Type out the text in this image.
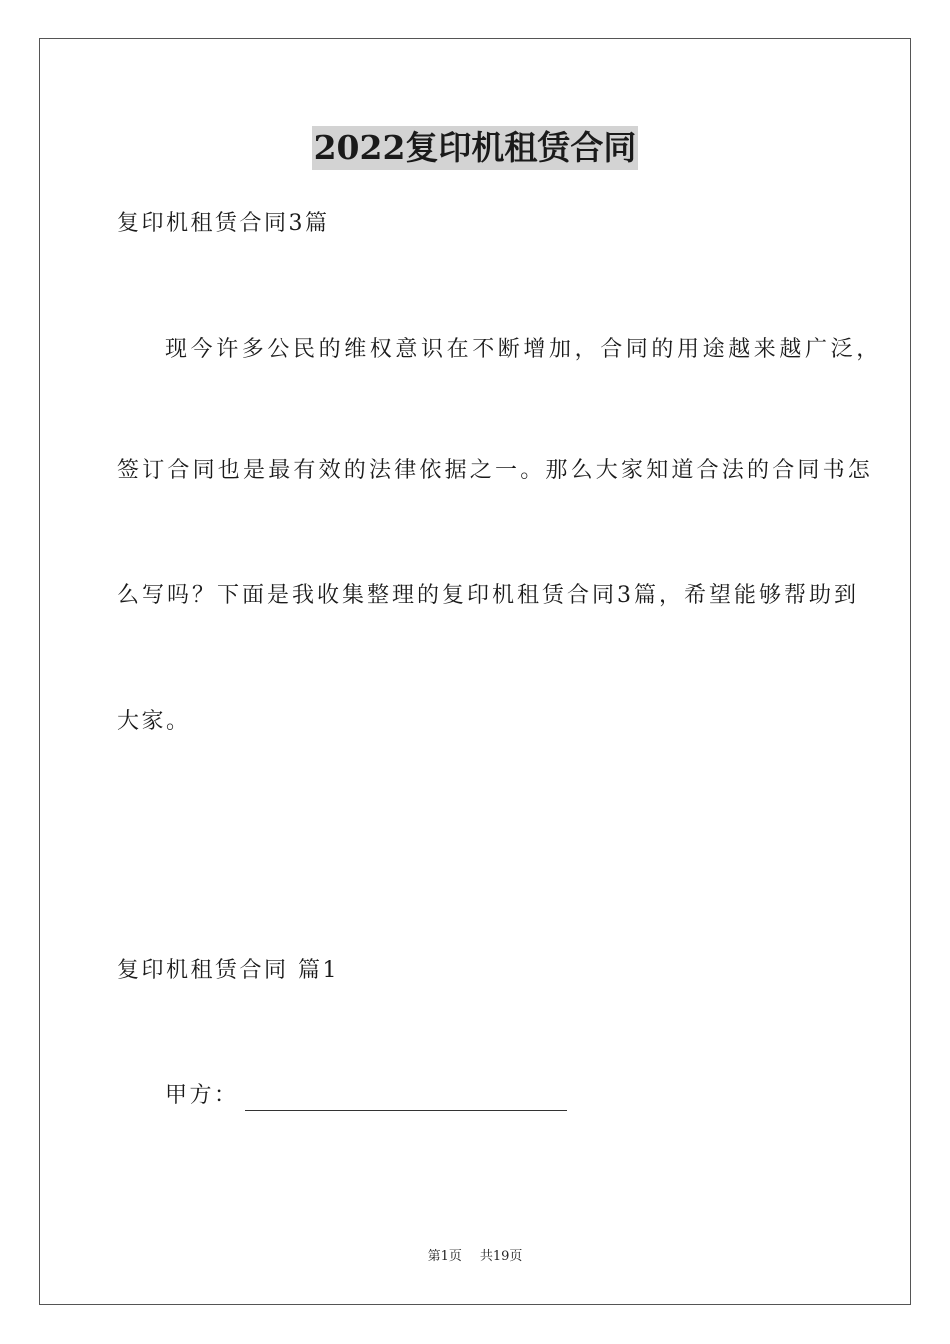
2022复印机租赁合同
复印机租赁合同3篇
现今许多公民的维权意识在不断增加，合同的用途越来越广泛，
签订合同也是最有效的法律依据之一。那么大家知道合法的合同书怎
么写吗？下面是我收集整理的复印机租赁合同3篇，希望能够帮助到
大家。
复印机租赁合同 篇1
甲方：
第1页 共19页
